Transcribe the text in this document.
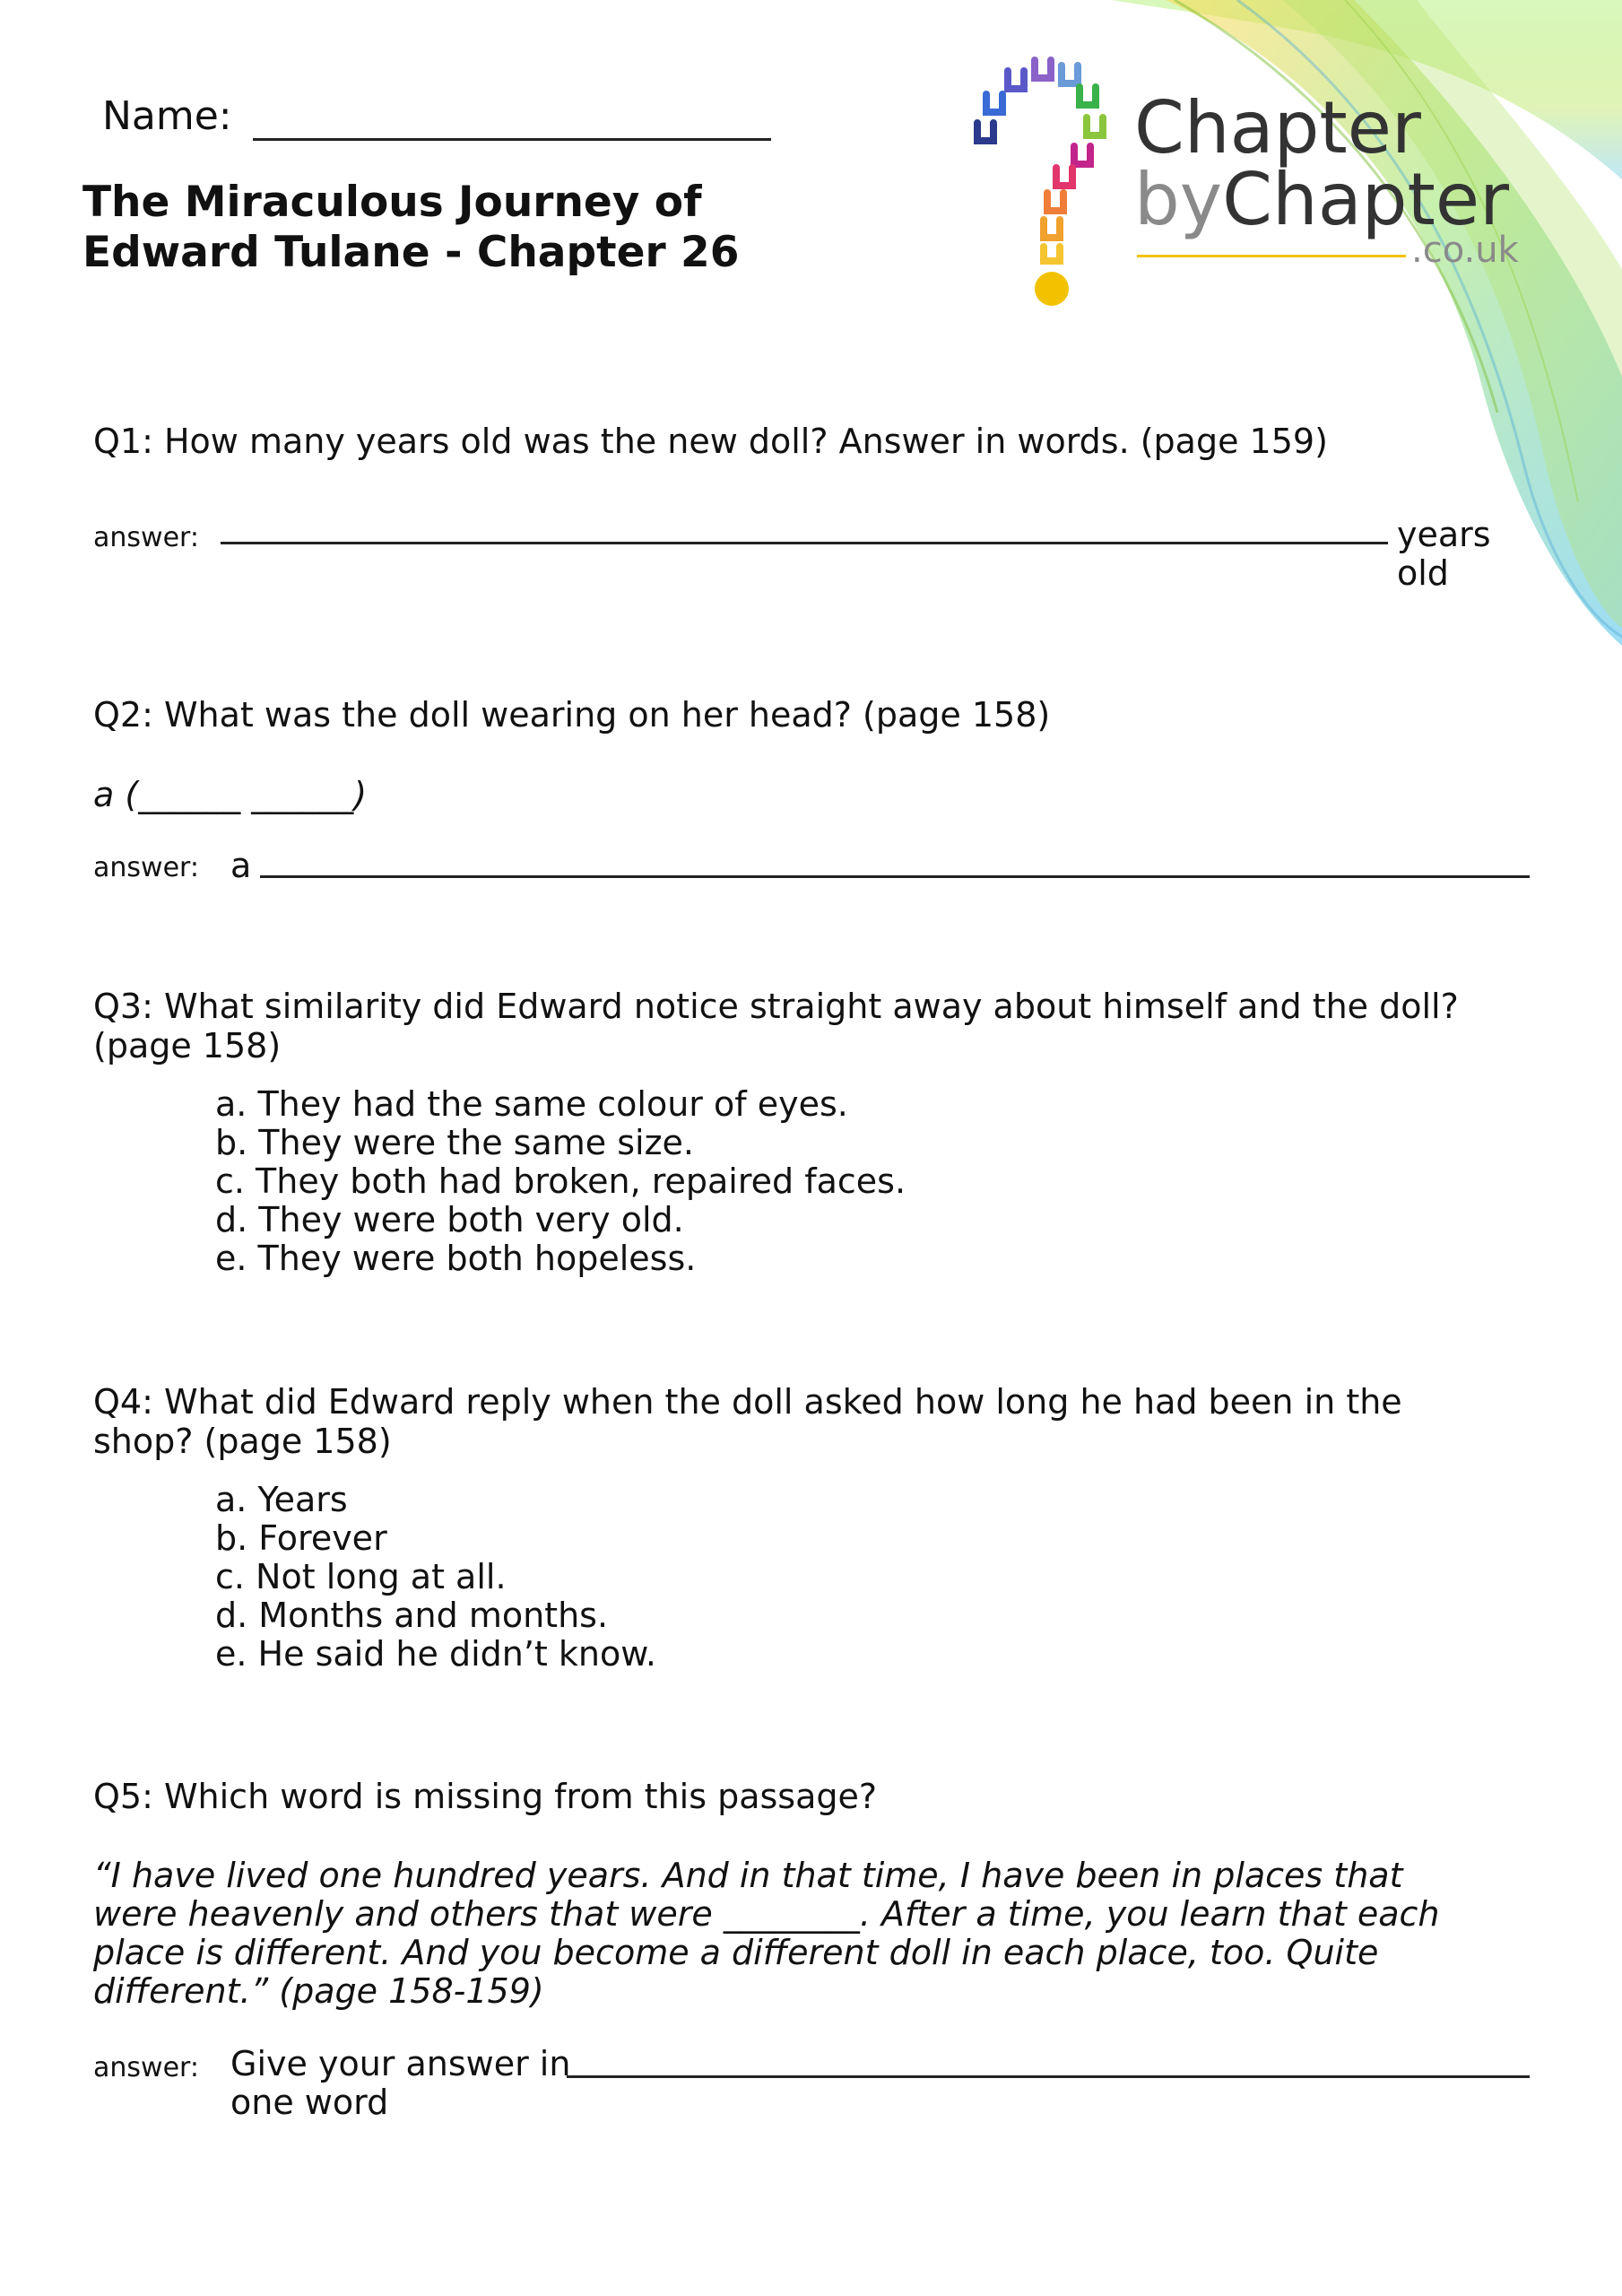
Name:
The Miraculous Journey of
Edward Tulane - Chapter 26
Chapter
byChapter
.co.uk
Q1: How many years old was the new doll? Answer in words. (page 159)
answer:	years
old
Q2: What was the doll wearing on her head? (page 158)
a (______ ______)
answer: a
Q3: What similarity did Edward notice straight away about himself and the doll? (page 158)
a. They had the same colour of eyes.
b. They were the same size.
c. They both had broken, repaired faces.
d. They were both very old.
e. They were both hopeless.
Q4: What did Edward reply when the doll asked how long he had been in the shop? (page 158)
a. Years
b. Forever
c. Not long at all.
d. Months and months.
e. He said he didn’t know.
Q5: Which word is missing from this passage?
“I have lived one hundred years. And in that time, I have been in places that were heavenly and others that were ________. After a time, you learn that each place is different. And you become a different doll in each place, too. Quite different.” (page 158-159)
answer: Give your answer in
one word
